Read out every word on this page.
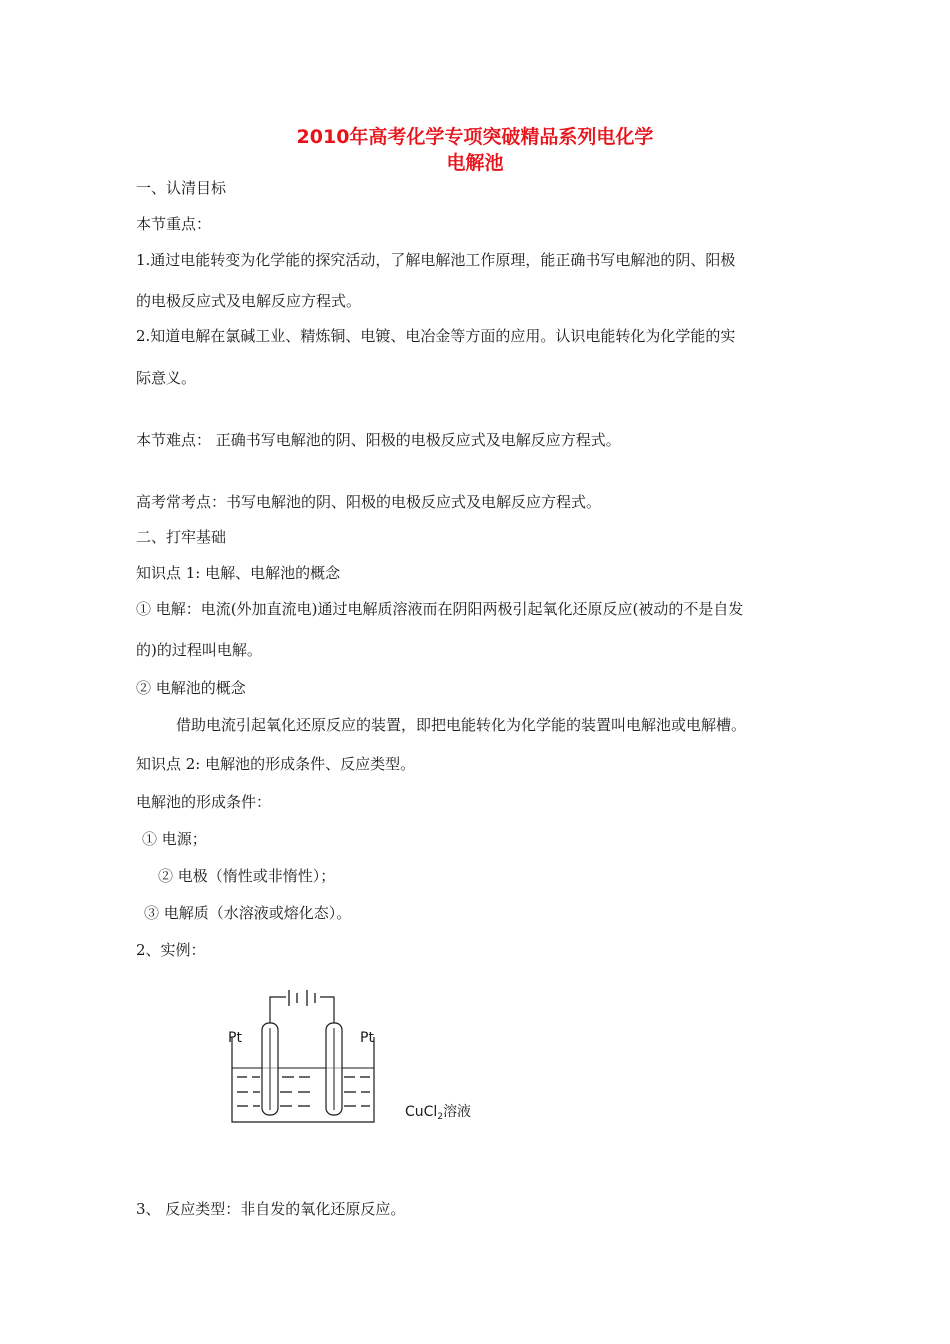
2010年高考化学专项突破精品系列电化学
电解池
一、认清目标
本节重点：
1.通过电能转变为化学能的探究活动，了解电解池工作原理，能正确书写电解池的阴、阳极
的电极反应式及电解反应方程式。
2.知道电解在氯碱工业、精炼铜、电镀、电冶金等方面的应用。认识电能转化为化学能的实
际意义。
本节难点： 正确书写电解池的阴、阳极的电极反应式及电解反应方程式。
高考常考点：书写电解池的阴、阳极的电极反应式及电解反应方程式。
二、打牢基础
知识点 1: 电解、电解池的概念
① 电解：电流(外加直流电)通过电解质溶液而在阴阳两极引起氧化还原反应(被动的不是自发
的)的过程叫电解。
② 电解池的概念
借助电流引起氧化还原反应的装置，即把电能转化为化学能的装置叫电解池或电解槽。
知识点 2: 电解池的形成条件、反应类型。
电解池的形成条件：
① 电源；
② 电极（惰性或非惰性）；
③ 电解质（水溶液或熔化态）。
2、实例：
Pt	Pt
CuCl$_2$溶液
3、 反应类型：非自发的氧化还原反应。
